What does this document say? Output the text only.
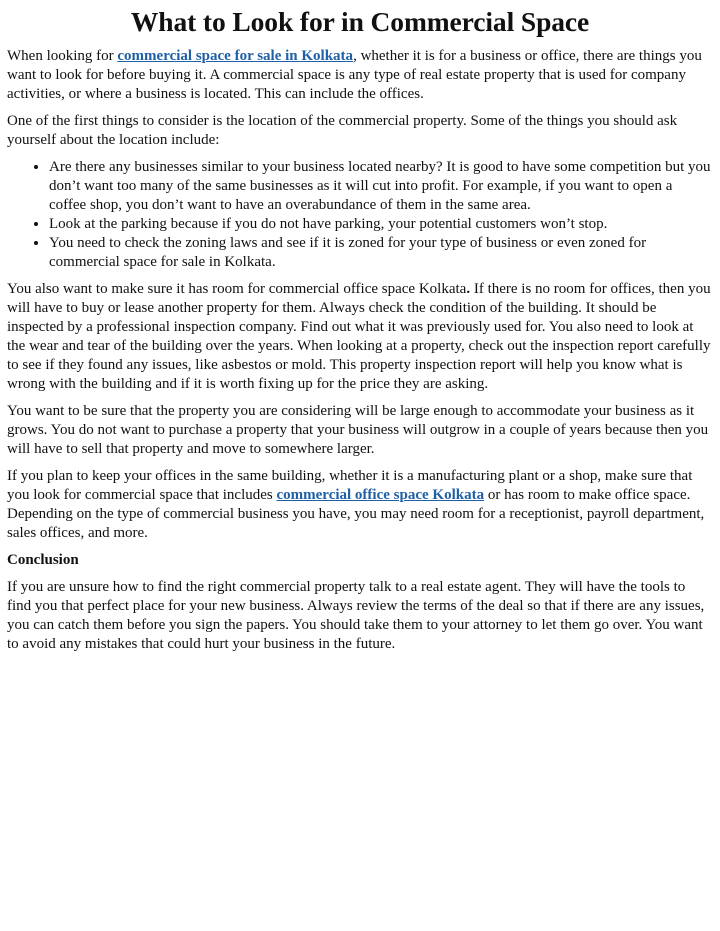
What to Look for in Commercial Space

When looking for commercial space for sale in Kolkata, whether it is for a business or office, there are things you want to look for before buying it. A commercial space is any type of real estate property that is used for company activities, or where a business is located. This can include the offices.

One of the first things to consider is the location of the commercial property. Some of the things you should ask yourself about the location include:

• Are there any businesses similar to your business located nearby? It is good to have some competition but you don’t want too many of the same businesses as it will cut into profit. For example, if you want to open a coffee shop, you don’t want to have an overabundance of them in the same area.
• Look at the parking because if you do not have parking, your potential customers won’t stop.
• You need to check the zoning laws and see if it is zoned for your type of business or even zoned for commercial space for sale in Kolkata.

You also want to make sure it has room for commercial office space Kolkata. If there is no room for offices, then you will have to buy or lease another property for them. Always check the condition of the building. It should be inspected by a professional inspection company. Find out what it was previously used for. You also need to look at the wear and tear of the building over the years. When looking at a property, check out the inspection report carefully to see if they found any issues, like asbestos or mold. This property inspection report will help you know what is wrong with the building and if it is worth fixing up for the price they are asking.

You want to be sure that the property you are considering will be large enough to accommodate your business as it grows. You do not want to purchase a property that your business will outgrow in a couple of years because then you will have to sell that property and move to somewhere larger.

If you plan to keep your offices in the same building, whether it is a manufacturing plant or a shop, make sure that you look for commercial space that includes commercial office space Kolkata or has room to make office space. Depending on the type of commercial business you have, you may need room for a receptionist, payroll department, sales offices, and more.

Conclusion

If you are unsure how to find the right commercial property talk to a real estate agent. They will have the tools to find you that perfect place for your new business. Always review the terms of the deal so that if there are any issues, you can catch them before you sign the papers. You should take them to your attorney to let them go over. You want to avoid any mistakes that could hurt your business in the future.
